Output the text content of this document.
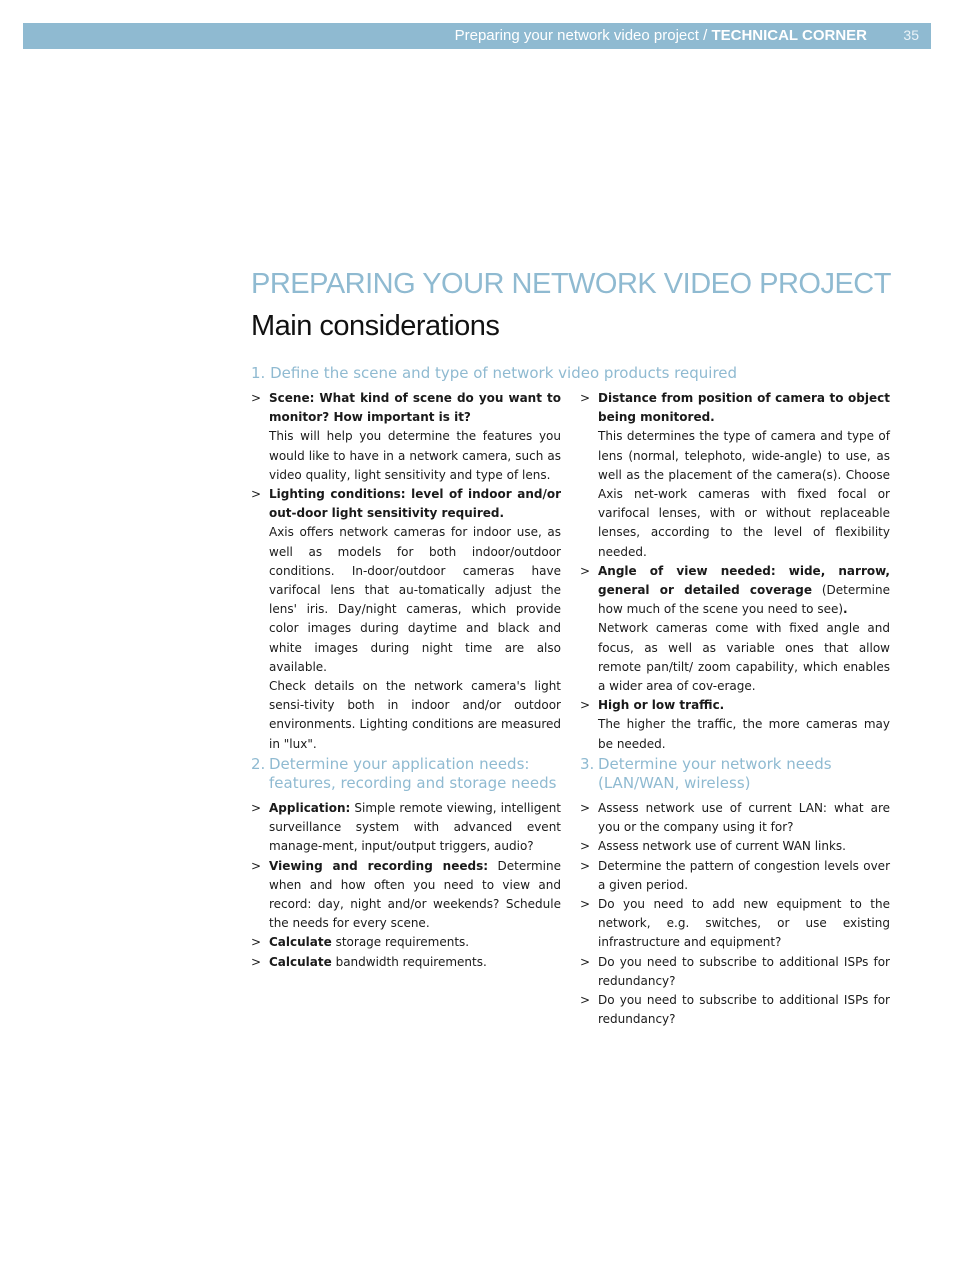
Preparing your network video project / TECHNICAL CORNER	35
PREPARING YOUR NETWORK VIDEO PROJECT
Main considerations
1. Define the scene and type of network video products required

> Scene: What kind of scene do you want to monitor? How important is it?

This will help you determine the features you would like to have in a network camera, such as video quality, light sensitivity and type of lens.

> Lighting conditions: level of indoor and/or out-door light sensitivity required.

Axis offers network cameras for indoor use, as well as models for both indoor/outdoor conditions. In-door/outdoor cameras have varifocal lens that au-tomatically adjust the lens' iris. Day/night cameras, which provide color images during daytime and black and white images during night time are also available.

Check details on the network camera's light sensi-tivity both in indoor and/or outdoor environments. Lighting conditions are measured in "lux".

> Distance from position of camera to object being monitored.

This determines the type of camera and type of lens (normal, telephoto, wide-angle) to use, as well as the placement of the camera(s). Choose Axis net-work cameras with fixed focal or varifocal lenses, with or without replaceable lenses, according to the level of flexibility needed.

> Angle of view needed: wide, narrow, general or detailed coverage (Determine how much of the scene you need to see).

Network cameras come with fixed angle and focus, as well as variable ones that allow remote pan/tilt/ zoom capability, which enables a wider area of cov-erage.

> High or low traffic.

The higher the traffic, the more cameras may be needed.

2. Determine your application needs:
features, recording and storage needs
> Application: Simple remote viewing, intelligent surveillance system with advanced event manage-ment, input/output triggers, audio?
> Viewing and recording needs: Determine when and how often you need to view and record: day, night and/or weekends? Schedule the needs for every scene.
> Calculate storage requirements.
> Calculate bandwidth requirements.
3. Determine your network needs
(LAN/WAN, wireless)
> Assess network use of current LAN: what are you or the company using it for?
> Assess network use of current WAN links.
> Determine the pattern of congestion levels over a given period.
> Do you need to add new equipment to the network, e.g. switches, or use existing infrastructure and equipment?
> Do you need to subscribe to additional ISPs for redundancy?
> Do you need to subscribe to additional ISPs for redundancy?
